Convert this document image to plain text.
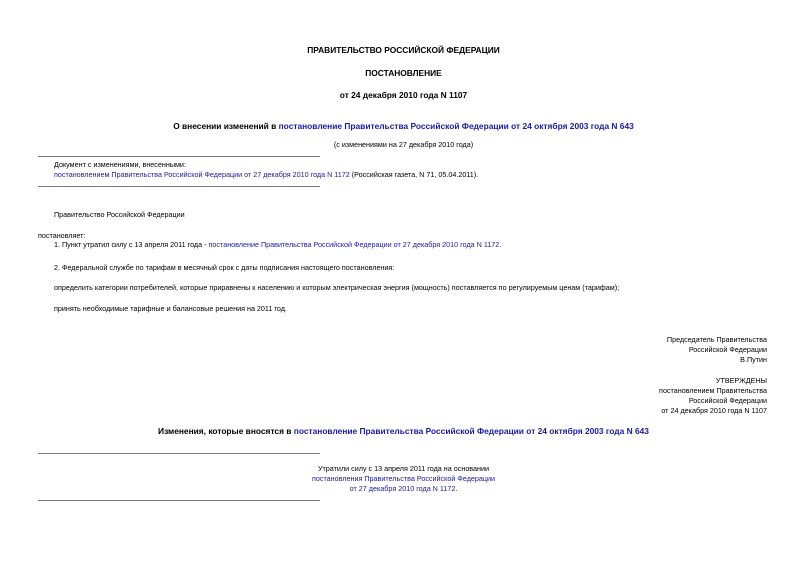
ПРАВИТЕЛЬСТВО РОССИЙСКОЙ ФЕДЕРАЦИИ
ПОСТАНОВЛЕНИЕ
от 24 декабря 2010 года N 1107
О внесении изменений в постановление Правительства Российской Федерации от 24 октября 2003 года N 643
(с изменениями на 27 декабря 2010 года)
Документ с изменениями, внесенными:
постановлением Правительства Российской Федерации от 27 декабря 2010 года N 1172 (Российская газета, N 71, 05.04.2011).
Правительство Российской Федерации
постановляет:
1. Пункт утратил силу с 13 апреля 2011 года - постановление Правительства Российской Федерации от 27 декабря 2010 года N 1172.
2. Федеральной службе по тарифам в месячный срок с даты подписания настоящего постановления:
определить категории потребителей, которые приравнены к населению и которым электрическая энергия (мощность) поставляется по регулируемым ценам (тарифам);
принять необходимые тарифные и балансовые решения на 2011 год.
Председатель Правительства
Российской Федерации
В.Путин
УТВЕРЖДЕНЫ
постановлением Правительства
Российской Федерации
от 24 декабря 2010 года N 1107
Изменения, которые вносятся в постановление Правительства Российской Федерации от 24 октября 2003 года N 643
Утратили силу с 13 апреля 2011 года на основании
постановления Правительства Российской Федерации
от 27 декабря 2010 года N 1172.
